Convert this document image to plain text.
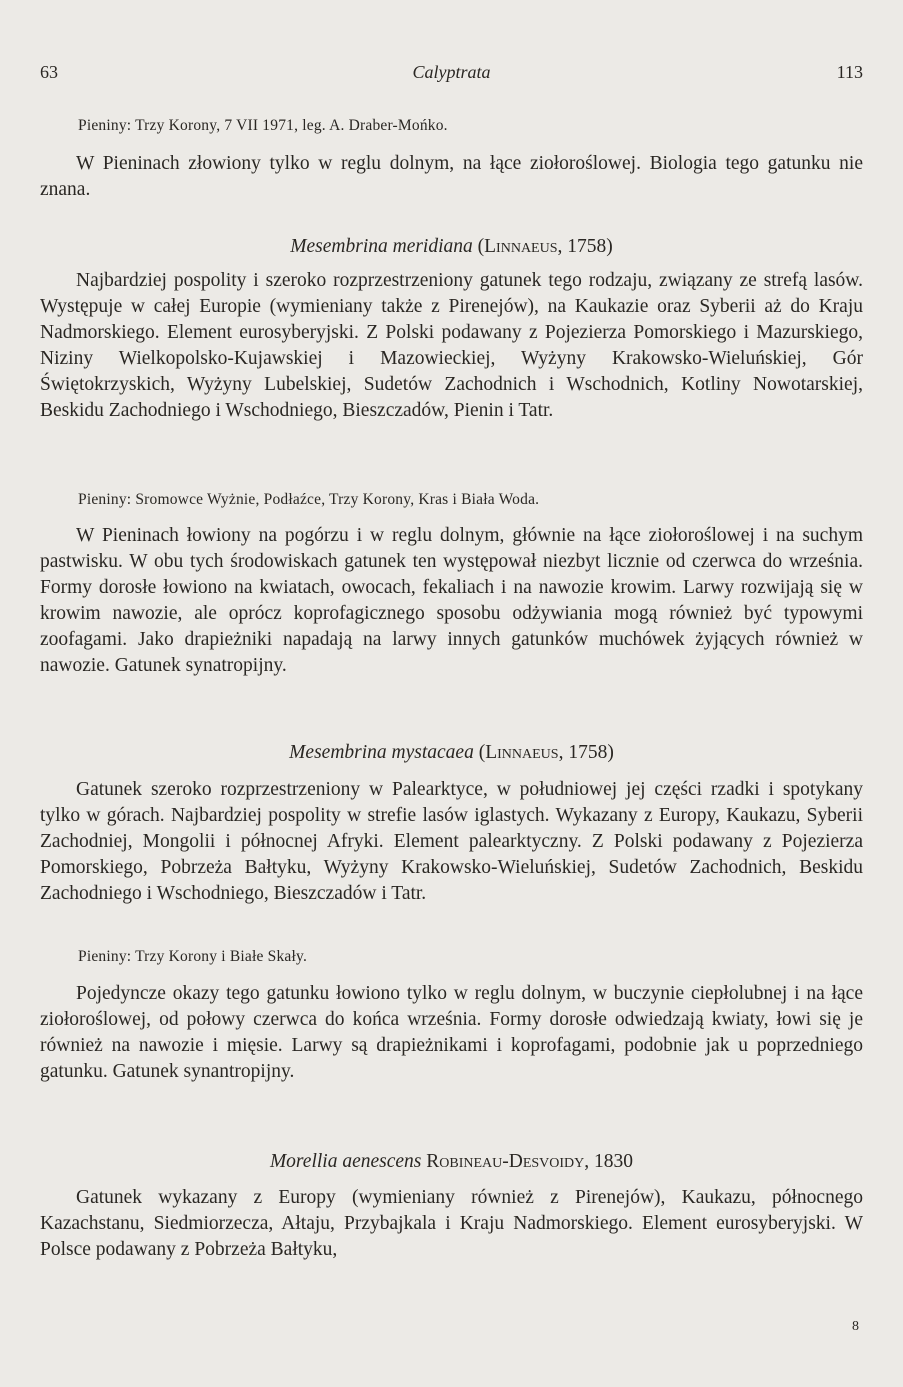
63	Calyptrata	113

Pieniny: Trzy Korony, 7 VII 1971, leg. A. Draber-Mońko.

W Pieninach złowiony tylko w reglu dolnym, na łące ziołoroślowej. Biologia tego gatunku nie znana.

Mesembrina meridiana (Linnaeus, 1758)

Najbardziej pospolity i szeroko rozprzestrzeniony gatunek tego rodzaju, związany ze strefą lasów. Występuje w całej Europie (wymieniany także z Pirenejów), na Kaukazie oraz Syberii aż do Kraju Nadmorskiego. Element eurosyberyjski. Z Polski podawany z Pojezierza Pomorskiego i Mazurskiego, Niziny Wielkopolsko-Kujawskiej i Mazowieckiej, Wyżyny Krakowsko-Wieluńskiej, Gór Świętokrzyskich, Wyżyny Lubelskiej, Sudetów Zachodnich i Wschodnich, Kotliny Nowotarskiej, Beskidu Zachodniego i Wschodniego, Bieszczadów, Pienin i Tatr.

Pieniny: Sromowce Wyżnie, Podłaźce, Trzy Korony, Kras i Biała Woda.

W Pieninach łowiony na pogórzu i w reglu dolnym, głównie na łące ziołoroślowej i na suchym pastwisku. W obu tych środowiskach gatunek ten występował niezbyt licznie od czerwca do września. Formy dorosłe łowiono na kwiatach, owocach, fekaliach i na nawozie krowim. Larwy rozwijają się w krowim nawozie, ale oprócz koprofagicznego sposobu odżywiania mogą również być typowymi zoofagami. Jako drapieżniki napadają na larwy innych gatunków muchówek żyjących również w nawozie. Gatunek synatropijny.

Mesembrina mystacaea (Linnaeus, 1758)

Gatunek szeroko rozprzestrzeniony w Palearktyce, w południowej jej części rzadki i spotykany tylko w górach. Najbardziej pospolity w strefie lasów iglastych. Wykazany z Europy, Kaukazu, Syberii Zachodniej, Mongolii i północnej Afryki. Element palearktyczny. Z Polski podawany z Pojezierza Pomorskiego, Pobrzeża Bałtyku, Wyżyny Krakowsko-Wieluńskiej, Sudetów Zachodnich, Beskidu Zachodniego i Wschodniego, Bieszczadów i Tatr.

Pieniny: Trzy Korony i Białe Skały.

Pojedyncze okazy tego gatunku łowiono tylko w reglu dolnym, w buczynie ciepłolubnej i na łące ziołoroślowej, od połowy czerwca do końca września. Formy dorosłe odwiedzają kwiaty, łowi się je również na nawozie i mięsie. Larwy są drapieżnikami i koprofagami, podobnie jak u poprzedniego gatunku. Gatunek synantropijny.

Morellia aenescens Robineau-Desvoidy, 1830

Gatunek wykazany z Europy (wymieniany również z Pirenejów), Kaukazu, północnego Kazachstanu, Siedmiorzecza, Ałtaju, Przybajkala i Kraju Nadmorskiego. Element eurosyberyjski. W Polsce podawany z Pobrzeża Bałtyku,

8
